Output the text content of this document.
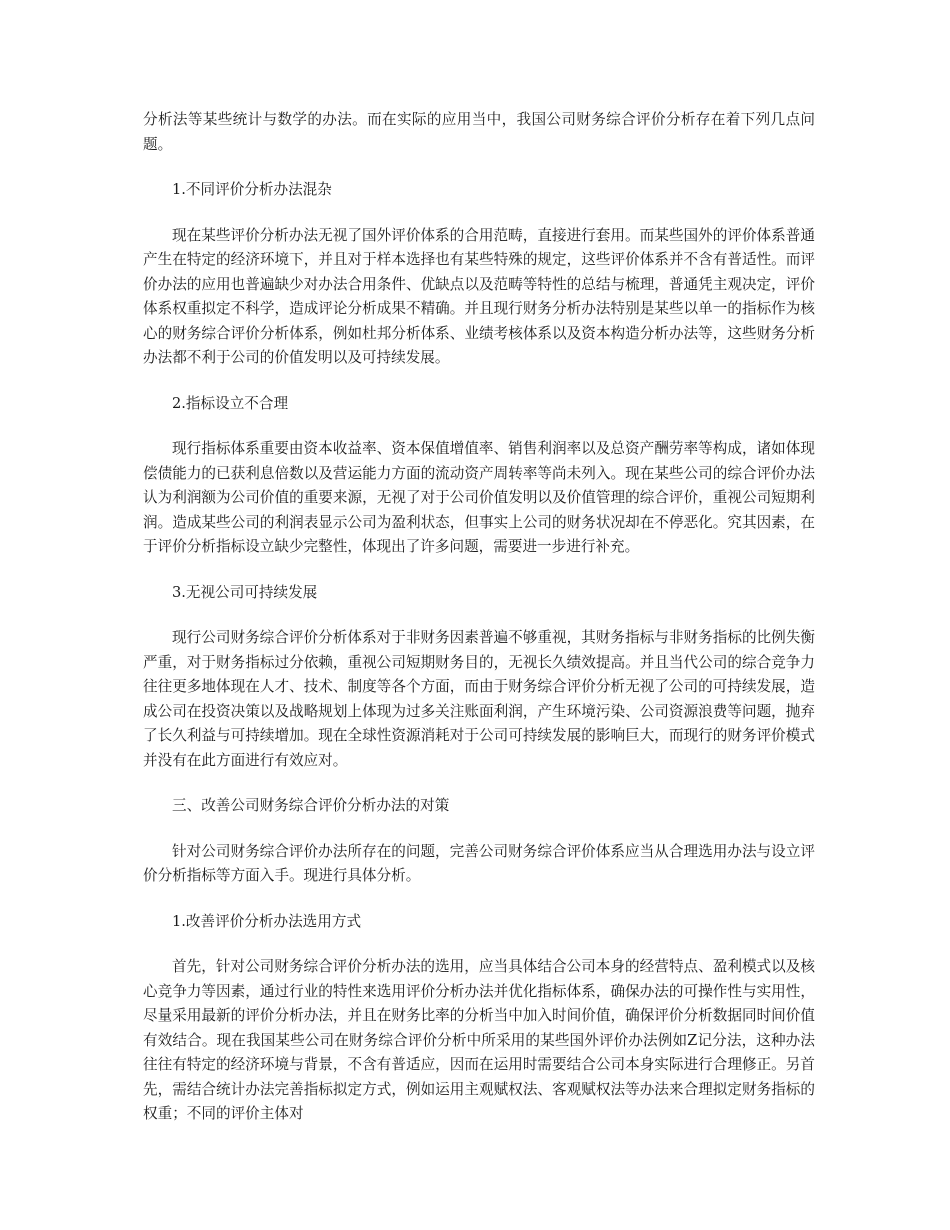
分析法等某些统计与数学的办法。而在实际的应用当中，我国公司财务综合评价分析存在着下列几点问题。

1.不同评价分析办法混杂

现在某些评价分析办法无视了国外评价体系的合用范畴，直接进行套用。而某些国外的评价体系普通产生在特定的经济环境下，并且对于样本选择也有某些特殊的规定，这些评价体系并不含有普适性。而评价办法的应用也普遍缺少对办法合用条件、优缺点以及范畴等特性的总结与梳理，普通凭主观决定，评价体系权重拟定不科学，造成评论分析成果不精确。并且现行财务分析办法特别是某些以单一的指标作为核心的财务综合评价分析体系，例如杜邦分析体系、业绩考核体系以及资本构造分析办法等，这些财务分析办法都不利于公司的价值发明以及可持续发展。

2.指标设立不合理

现行指标体系重要由资本收益率、资本保值增值率、销售利润率以及总资产酬劳率等构成，诸如体现偿债能力的已获利息倍数以及营运能力方面的流动资产周转率等尚未列入。现在某些公司的综合评价办法认为利润额为公司价值的重要来源，无视了对于公司价值发明以及价值管理的综合评价，重视公司短期利润。造成某些公司的利润表显示公司为盈利状态，但事实上公司的财务状况却在不停恶化。究其因素，在于评价分析指标设立缺少完整性，体现出了许多问题，需要进一步进行补充。

3.无视公司可持续发展

现行公司财务综合评价分析体系对于非财务因素普遍不够重视，其财务指标与非财务指标的比例失衡严重，对于财务指标过分依赖，重视公司短期财务目的，无视长久绩效提高。并且当代公司的综合竞争力往往更多地体现在人才、技术、制度等各个方面，而由于财务综合评价分析无视了公司的可持续发展，造成公司在投资决策以及战略规划上体现为过多关注账面利润，产生环境污染、公司资源浪费等问题，抛弃了长久利益与可持续增加。现在全球性资源消耗对于公司可持续发展的影响巨大，而现行的财务评价模式并没有在此方面进行有效应对。

三、改善公司财务综合评价分析办法的对策

针对公司财务综合评价办法所存在的问题，完善公司财务综合评价体系应当从合理选用办法与设立评价分析指标等方面入手。现进行具体分析。

1.改善评价分析办法选用方式

首先，针对公司财务综合评价分析办法的选用，应当具体结合公司本身的经营特点、盈利模式以及核心竞争力等因素，通过行业的特性来选用评价分析办法并优化指标体系，确保办法的可操作性与实用性，尽量采用最新的评价分析办法，并且在财务比率的分析当中加入时间价值，确保评价分析数据同时间价值有效结合。现在我国某些公司在财务综合评价分析中所采用的某些国外评价办法例如Z记分法，这种办法往往有特定的经济环境与背景，不含有普适应，因而在运用时需要结合公司本身实际进行合理修正。另首先，需结合统计办法完善指标拟定方式，例如运用主观赋权法、客观赋权法等办法来合理拟定财务指标的权重；不同的评价主体对
